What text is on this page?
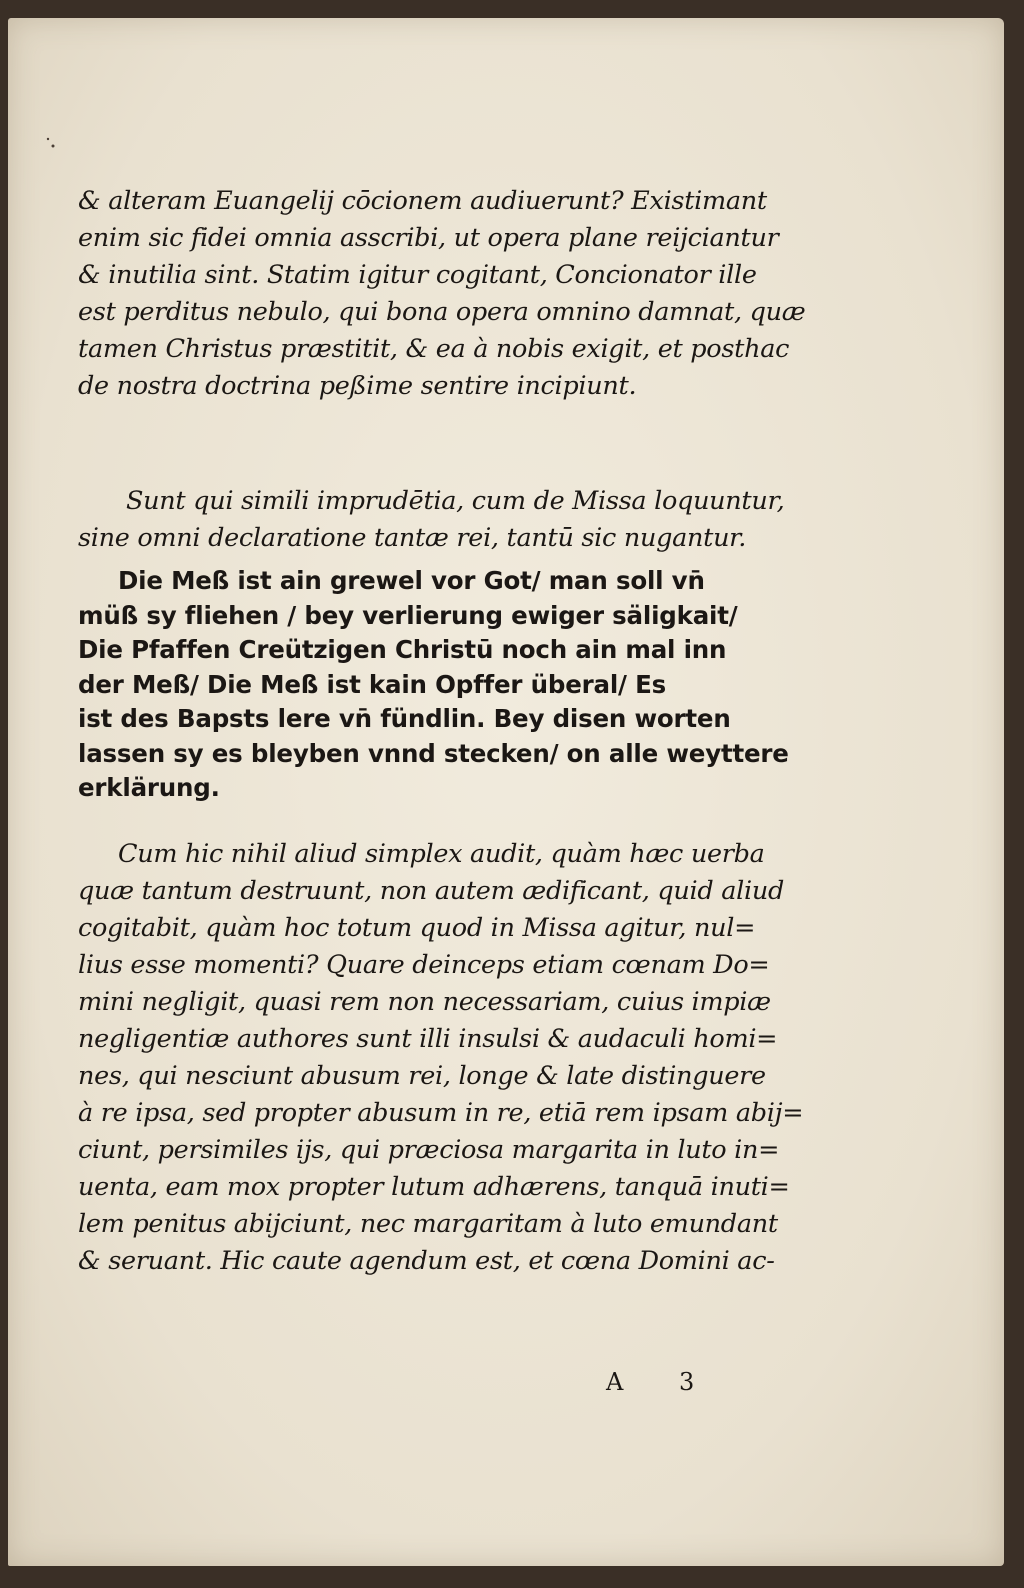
& alteram Euangelij cōcionem audiuerunt? Existimant
enim sic fidei omnia asscribi, ut opera plane reijciantur
& inutilia sint. Statim igitur cogitant, Concionator ille
est perditus nebulo, qui bona opera omnino damnat, quæ
tamen Christus præstitit, & ea à nobis exigit, et posthac
de nostra doctrina peßime sentire incipiunt.
Sunt qui simili imprudētia, cum de Missa loquuntur,
sine omni declaratione tantæ rei, tantū sic nugantur.
Die Meß ist ain grewel vor Got/ man soll vn̄
müß sy fliehen / bey verlierung ewiger säligkait/
Die Pfaffen Creützigen Christū noch ain mal inn
der Meß/ Die Meß ist kain Opffer überal/ Es
ist des Bapsts lere vn̄ fündlin. Bey disen worten
lassen sy es bleyben vnnd stecken/ on alle weyttere
erklärung.
Cum hic nihil aliud simplex audit, quàm hæc uerba
quæ tantum destruunt, non autem ædificant, quid aliud
cogitabit, quàm hoc totum quod in Missa agitur, nul=
lius esse momenti? Quare deinceps etiam cœnam Do=
mini negligit, quasi rem non necessariam, cuius impiæ
negligentiæ authores sunt illi insulsi & audaculi homi=
nes, qui nesciunt abusum rei, longe & late distinguere
à re ipsa, sed propter abusum in re, etiā rem ipsam abij=
ciunt, persimiles ijs, qui præciosa margarita in luto in=
uenta, eam mox propter lutum adhærens, tanquā inuti=
lem penitus abijciunt, nec margaritam à luto emundant
& seruant. Hic caute agendum est, et cœna Domini ac-
A 3
